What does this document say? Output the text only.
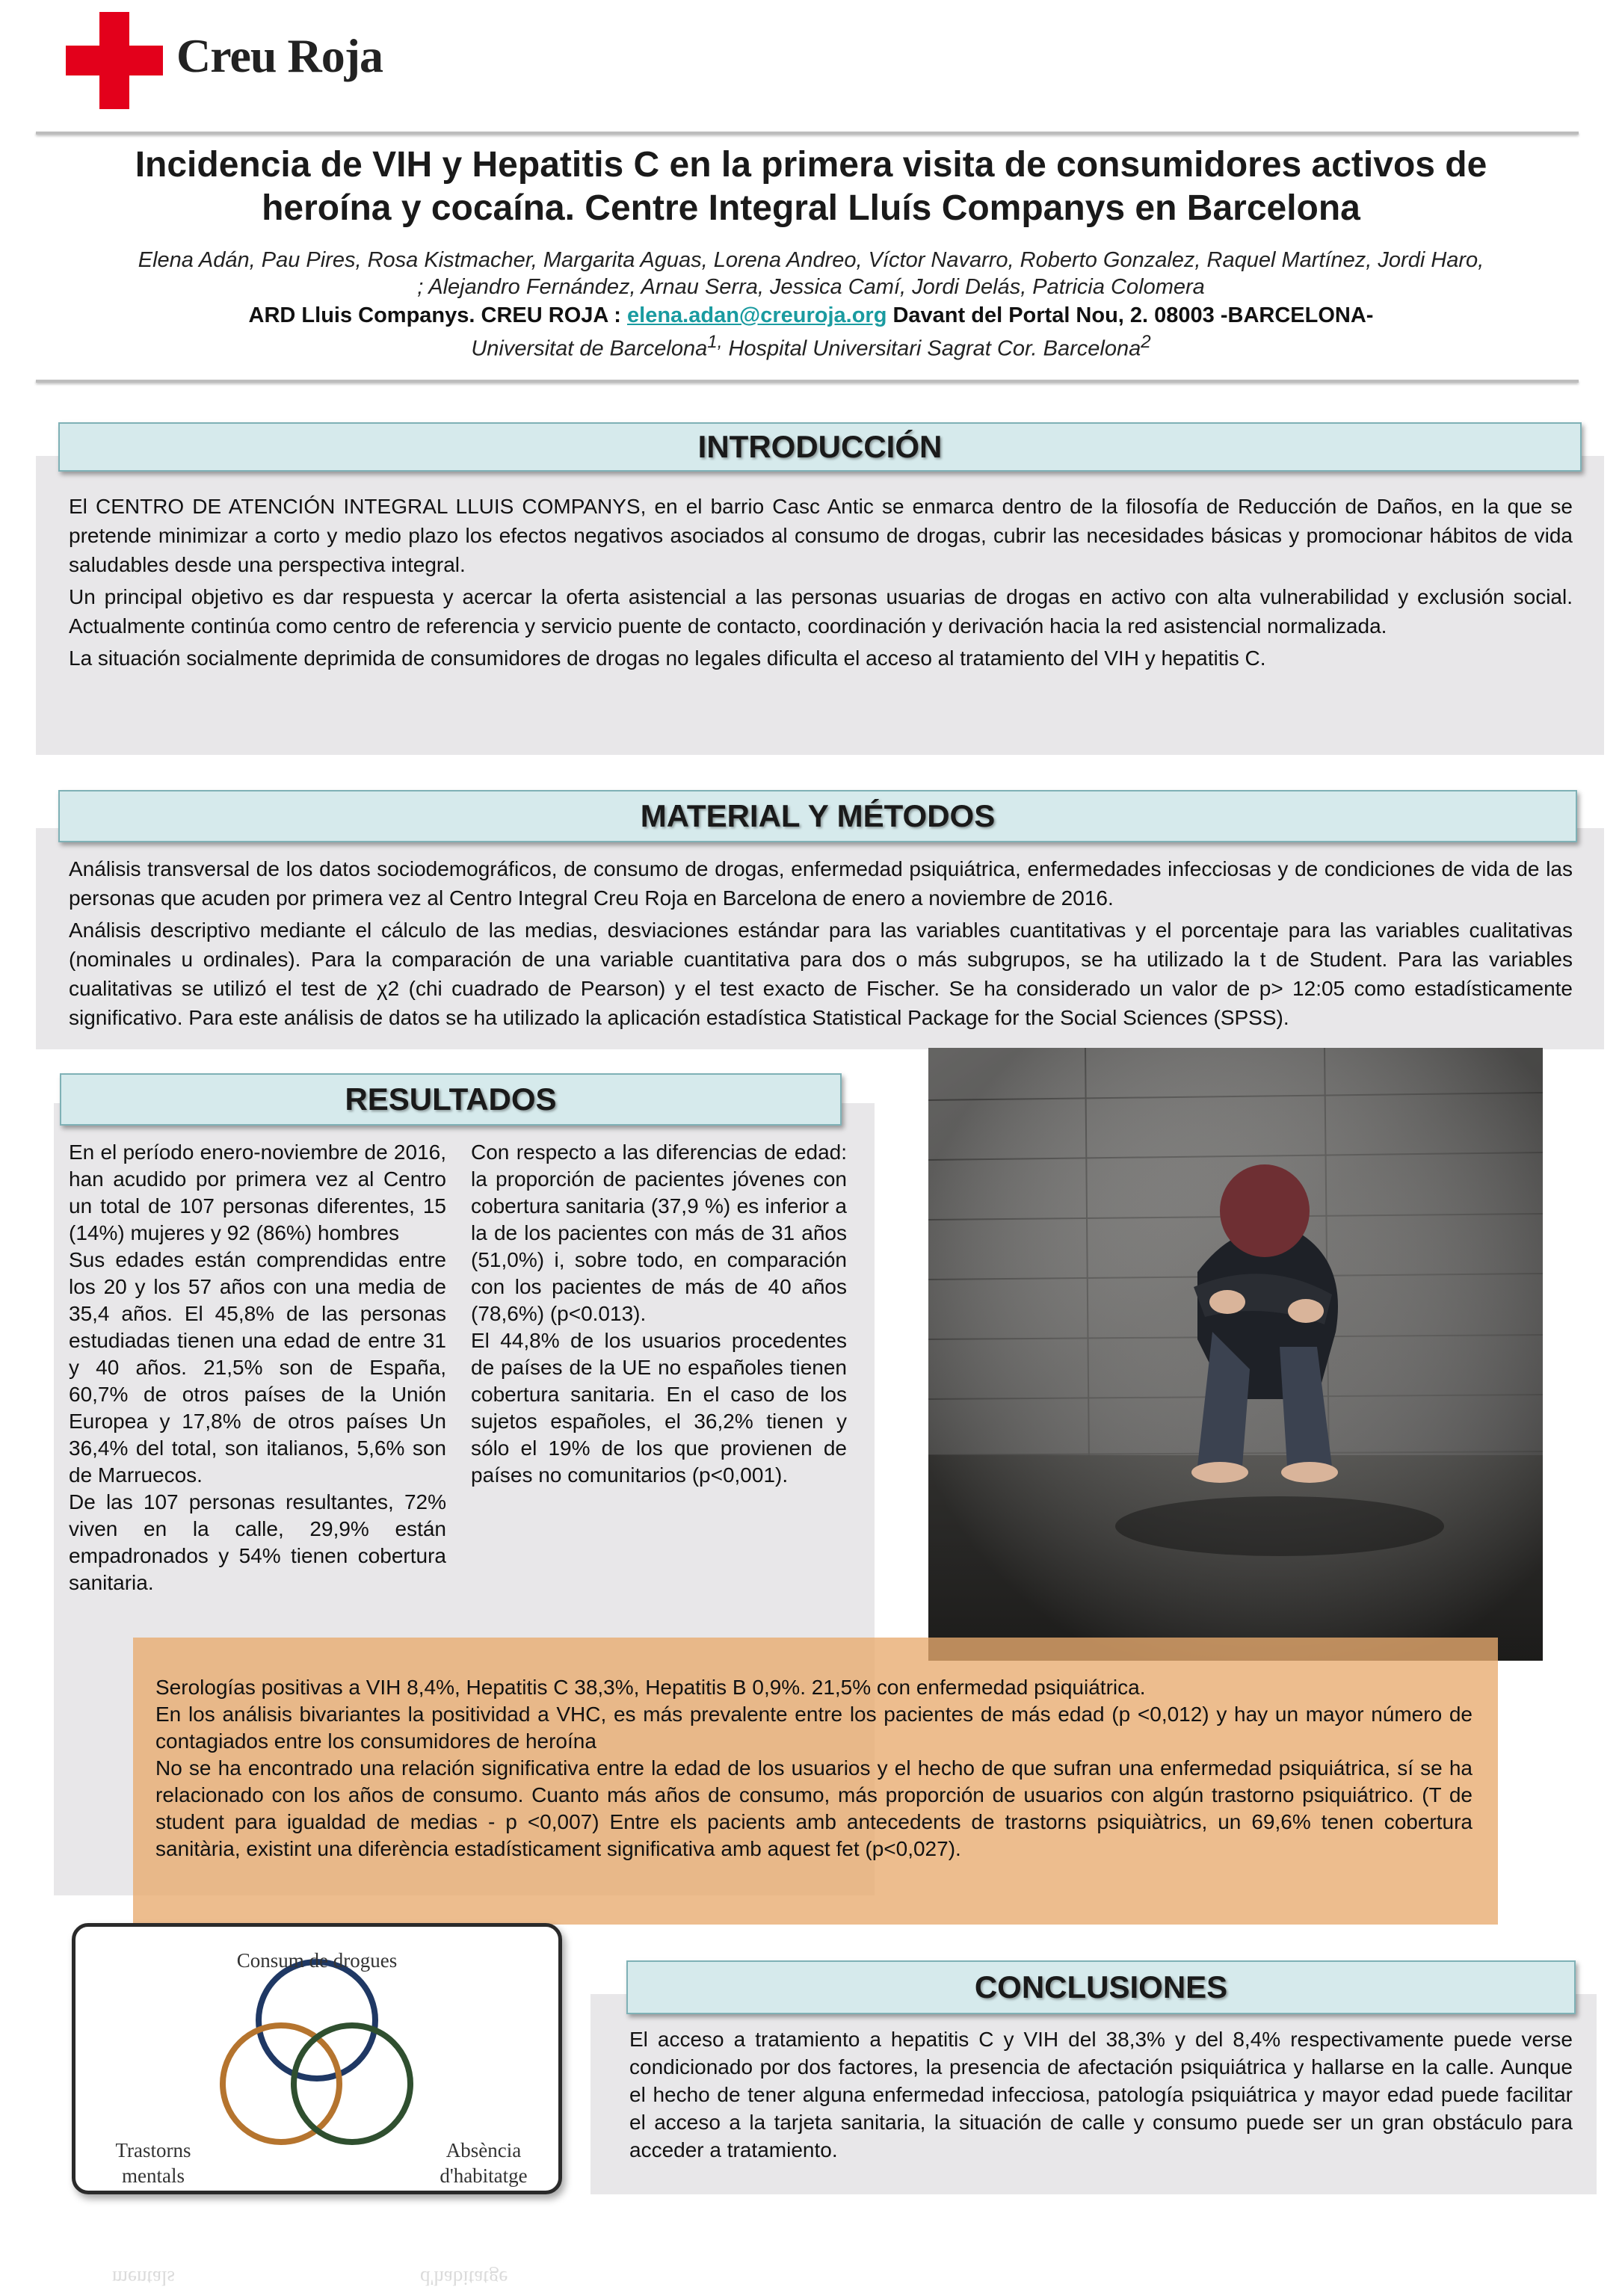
Creu Roja
Incidencia de VIH y Hepatitis C en la primera visita de consumidores activos de
heroína y cocaína. Centre Integral Lluís Companys en Barcelona
Elena Adán, Pau Pires, Rosa Kistmacher, Margarita Aguas, Lorena Andreo, Víctor Navarro, Roberto Gonzalez, Raquel Martínez, Jordi Haro,
; Alejandro Fernández, Arnau Serra, Jessica Camí, Jordi Delás, Patricia Colomera
ARD Lluis Companys. CREU ROJA : elena.adan@creuroja.org Davant del Portal Nou, 2. 08003 -BARCELONA-
Universitat de Barcelona$^{1,}$ Hospital Universitari Sagrat Cor. Barcelona$^2$
INTRODUCCIÓN

El CENTRO DE ATENCIÓN INTEGRAL LLUIS COMPANYS, en el barrio Casc Antic se enmarca dentro de la filosofía de Reducción de Daños, en la que se pretende minimizar a corto y medio plazo los efectos negativos asociados al consumo de drogas, cubrir las necesidades básicas y promocionar hábitos de vida saludables desde una perspectiva integral.

Un principal objetivo es dar respuesta y acercar la oferta asistencial a las personas usuarias de drogas en activo con alta vulnerabilidad y exclusión social. Actualmente continúa como centro de referencia y servicio puente de contacto, coordinación y derivación hacia la red asistencial normalizada.

La situación socialmente deprimida de consumidores de drogas no legales dificulta el acceso al tratamiento del VIH y hepatitis C.

MATERIAL Y MÉTODOS

Análisis transversal de los datos sociodemográficos, de consumo de drogas, enfermedad psiquiátrica, enfermedades infecciosas y de condiciones de vida de las personas que acuden por primera vez al Centro Integral Creu Roja en Barcelona de enero a noviembre de 2016.

Análisis descriptivo mediante el cálculo de las medias, desviaciones estándar para las variables cuantitativas y el porcentaje para las variables cualitativas (nominales u ordinales). Para la comparación de una variable cuantitativa para dos o más subgrupos, se ha utilizado la t de Student. Para las variables cualitativas se utilizó el test de χ2 (chi cuadrado de Pearson) y el test exacto de Fischer. Se ha considerado un valor de p> 12:05 como estadísticamente significativo. Para este análisis de datos se ha utilizado la aplicación estadística Statistical Package for the Social Sciences (SPSS).

RESULTADOS

En el período enero-noviembre de 2016, han acudido por primera vez al Centro un total de 107 personas diferentes, 15 (14%) mujeres y 92 (86%) hombres

Sus edades están comprendidas entre los 20 y los 57 años con una media de 35,4 años. El 45,8% de las personas estudiadas tienen una edad de entre 31 y 40 años. 21,5% son de España, 60,7% de otros países de la Unión Europea y 17,8% de otros países Un 36,4% del total, son italianos, 5,6% son de Marruecos.

De las 107 personas resultantes, 72% viven en la calle, 29,9% están empadronados y 54% tienen cobertura sanitaria.

Con respecto a las diferencias de edad: la proporción de pacientes jóvenes con cobertura sanitaria (37,9 %) es inferior a la de los pacientes con más de 31 años (51,0%) i, sobre todo, en comparación con los pacientes de más de 40 años (78,6%) (p<0.013).

El 44,8% de los usuarios procedentes de países de la UE no españoles tienen cobertura sanitaria. En el caso de los sujetos españoles, el 36,2% tienen y sólo el 19% de los que provienen de países no comunitarios (p<0,001).

Serologías positivas a VIH 8,4%, Hepatitis C 38,3%, Hepatitis B 0,9%. 21,5% con enfermedad psiquiátrica.

En los análisis bivariantes la positividad a VHC, es más prevalente entre los pacientes de más edad (p <0,012) y hay un mayor número de contagiados entre los consumidores de heroína

No se ha encontrado una relación significativa entre la edad de los usuarios y el hecho de que sufran una enfermedad psiquiátrica, sí se ha relacionado con los años de consumo. Cuanto más años de consumo, más proporción de usuarios con algún trastorno psiquiátrico. (T de student para igualdad de medias - p <0,007) Entre els pacients amb antecedents de trastorns psiquiàtrics, un 69,6% tenen cobertura sanitària, existint una diferència estadísticament significativa amb aquest fet (p<0,027).

Consum de drogues
Trastorns
mentals
Absència
d'habitatge
mentals	d'habitatge
CONCLUSIONES
El acceso a tratamiento a hepatitis C y VIH del 38,3% y del 8,4% respectivamente puede verse condicionado por dos factores, la presencia de afectación psiquiátrica y hallarse en la calle. Aunque el hecho de tener alguna enfermedad infecciosa, patología psiquiátrica y mayor edad puede facilitar el acceso a la tarjeta sanitaria, la situación de calle y consumo puede ser un gran obstáculo para acceder a tratamiento.
